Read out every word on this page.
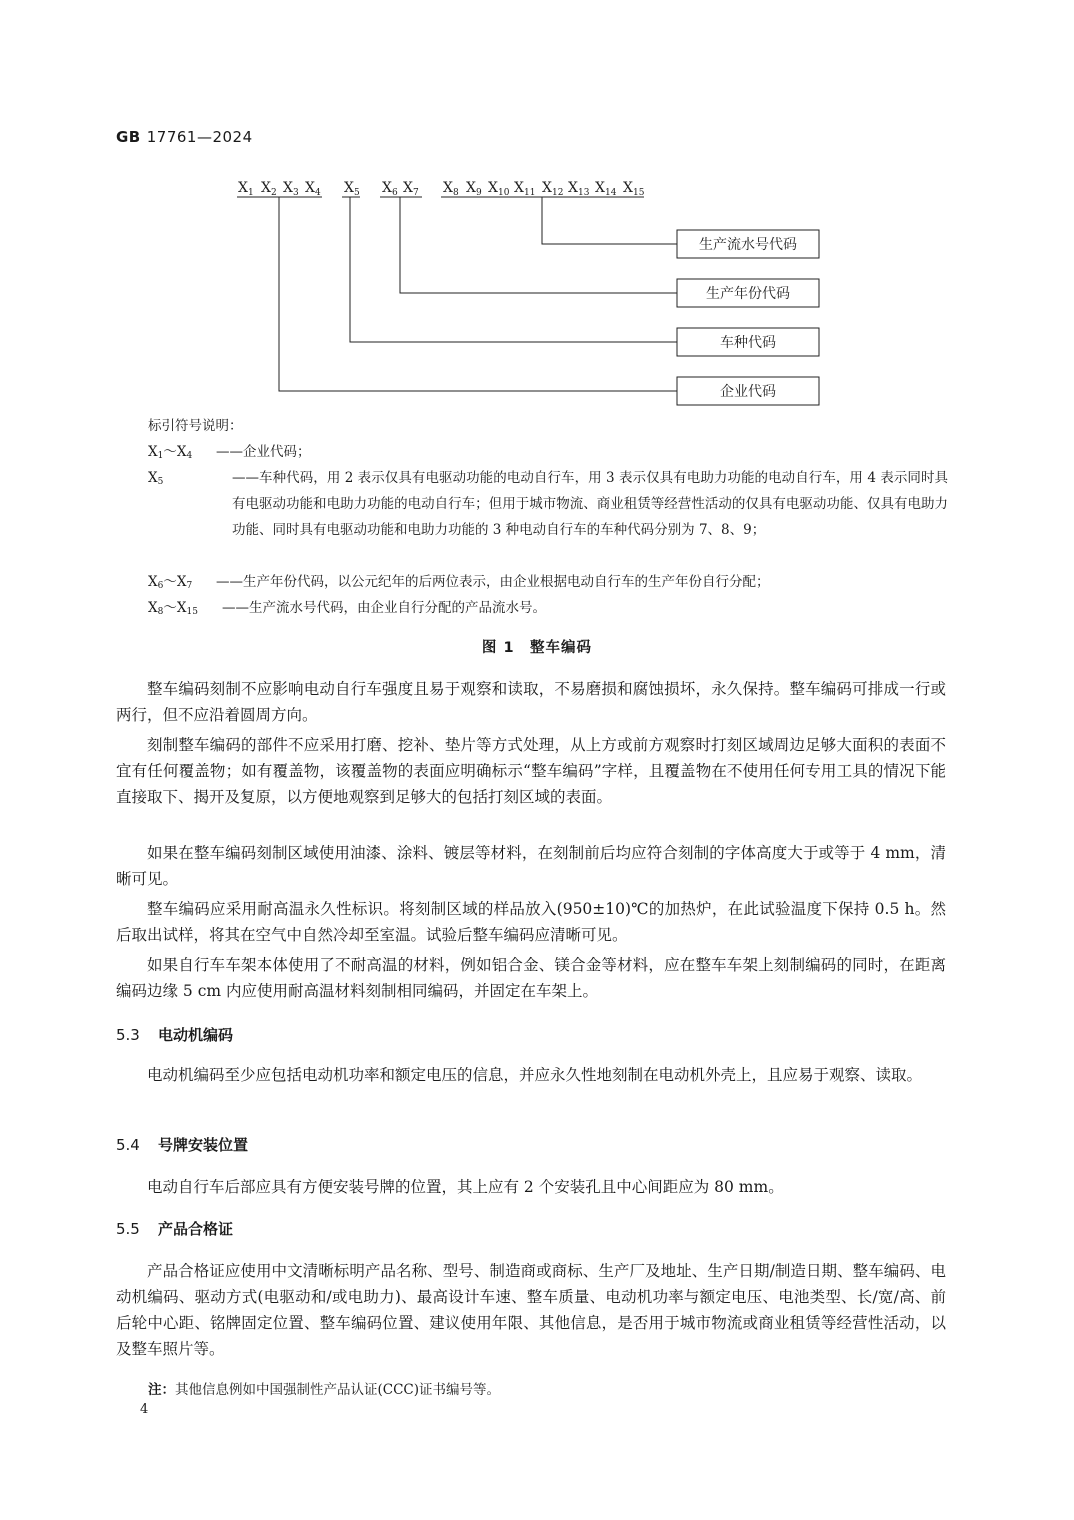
GB 17761—2024
$X_1$ $X_2$ $X_3$ $X_4$ $X_5$ $X_6$ $X_7$ $X_8$ $X_9$ $X_{10}$ $X_{11}$ $X_{12}$ $X_{13}$ $X_{14}$ $X_{15}$
生产流水号代码
生产年份代码
车种代码
企业代码
标引符号说明：
$X_1\sim X_4$ ——企业代码；
$X_5$	——车种代码，用 2 表示仅具有电驱动功能的电动自行车，用 3 表示仅具有电助力功能的电动自行车，用 4 表示同时具有电驱动功能和电助力功能的电动自行车；但用于城市物流、商业租赁等经营性活动的仅具有电驱动功能、仅具有电助力功能、同时具有电驱动功能和电助力功能的 3 种电动自行车的车种代码分别为 7、8、9；
$X_6\sim X_7$ ——生产年份代码，以公元纪年的后两位表示，由企业根据电动自行车的生产年份自行分配；
$X_8\sim X_{15}$ ——生产流水号代码，由企业自行分配的产品流水号。
图 1　整车编码
整车编码刻制不应影响电动自行车强度且易于观察和读取，不易磨损和腐蚀损坏，永久保持。整车编码可排成一行或两行，但不应沿着圆周方向。
刻制整车编码的部件不应采用打磨、挖补、垫片等方式处理，从上方或前方观察时打刻区域周边足够大面积的表面不宜有任何覆盖物；如有覆盖物，该覆盖物的表面应明确标示“整车编码”字样，且覆盖物在不使用任何专用工具的情况下能直接取下、揭开及复原，以方便地观察到足够大的包括打刻区域的表面。
如果在整车编码刻制区域使用油漆、涂料、镀层等材料，在刻制前后均应符合刻制的字体高度大于或等于 4 mm，清晰可见。
整车编码应采用耐高温永久性标识。将刻制区域的样品放入(950±10)℃的加热炉，在此试验温度下保持 0.5 h。然后取出试样，将其在空气中自然冷却至室温。试验后整车编码应清晰可见。
如果自行车车架本体使用了不耐高温的材料，例如铝合金、镁合金等材料，应在整车车架上刻制编码的同时，在距离编码边缘 5 cm 内应使用耐高温材料刻制相同编码，并固定在车架上。
5.3 电动机编码
电动机编码至少应包括电动机功率和额定电压的信息，并应永久性地刻制在电动机外壳上，且应易于观察、读取。
5.4 号牌安装位置
电动自行车后部应具有方便安装号牌的位置，其上应有 2 个安装孔且中心间距应为 80 mm。
5.5 产品合格证
产品合格证应使用中文清晰标明产品名称、型号、制造商或商标、生产厂及地址、生产日期/制造日期、整车编码、电动机编码、驱动方式(电驱动和/或电助力)、最高设计车速、整车质量、电动机功率与额定电压、电池类型、长/宽/高、前后轮中心距、铭牌固定位置、整车编码位置、建议使用年限、其他信息，是否用于城市物流或商业租赁等经营性活动，以及整车照片等。
注：其他信息例如中国强制性产品认证(CCC)证书编号等。
4
